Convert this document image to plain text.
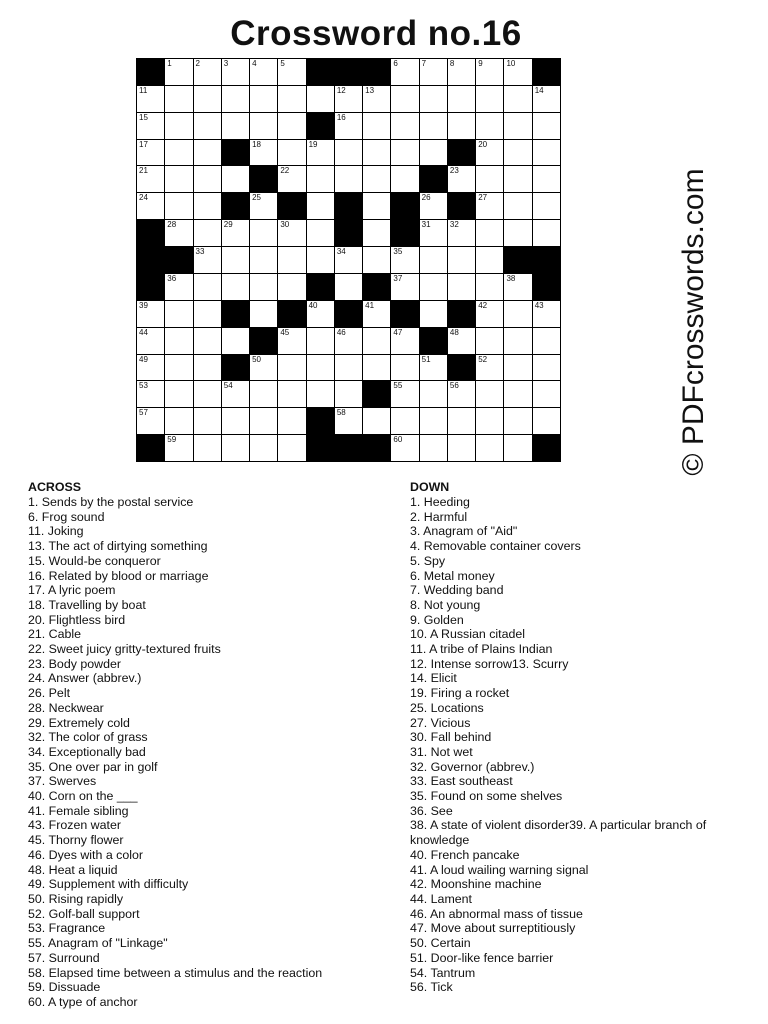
Crossword no.16
1	2	3	4	5	6	7	8	9	10
11	12 13	14
15	16
17	18	19	20
21	22	23
24	25	26	27
28	29	30	31 32
33	34	35
36	37	38
39	40	41	42	43
44	45	46	47	48
49	50	51	52
53	54	55	56
57	58
59	60	© PDFcrosswords.com
ACROSS
1. Sends by the postal service
6. Frog sound
11. Joking
13. The act of dirtying something
15. Would-be conqueror
16. Related by blood or marriage
17. A lyric poem
18. Travelling by boat
20. Flightless bird
21. Cable
22. Sweet juicy gritty-textured fruits
23. Body powder
24. Answer (abbrev.)
26. Pelt
28. Neckwear
29. Extremely cold
32. The color of grass
34. Exceptionally bad
35. One over par in golf
37. Swerves
40. Corn on the ___
41. Female sibling
43. Frozen water
45. Thorny flower
46. Dyes with a color
48. Heat a liquid
49. Supplement with difficulty
50. Rising rapidly
52. Golf-ball support
53. Fragrance
55. Anagram of "Linkage"
57. Surround
58. Elapsed time between a stimulus and the reaction
59. Dissuade
60. A type of anchor
DOWN
1. Heeding
2. Harmful
3. Anagram of "Aid"
4. Removable container covers
5. Spy
6. Metal money
7. Wedding band
8. Not young
9. Golden
10. A Russian citadel
11. A tribe of Plains Indian
12. Intense sorrow13. Scurry
14. Elicit
19. Firing a rocket
25. Locations
27. Vicious
30. Fall behind
31. Not wet
32. Governor (abbrev.)
33. East southeast
35. Found on some shelves
36. See
38. A state of violent disorder39. A particular branch of knowledge
40. French pancake
41. A loud wailing warning signal
42. Moonshine machine
44. Lament
46. An abnormal mass of tissue
47. Move about surreptitiously
50. Certain
51. Door-like fence barrier
54. Tantrum
56. Tick
